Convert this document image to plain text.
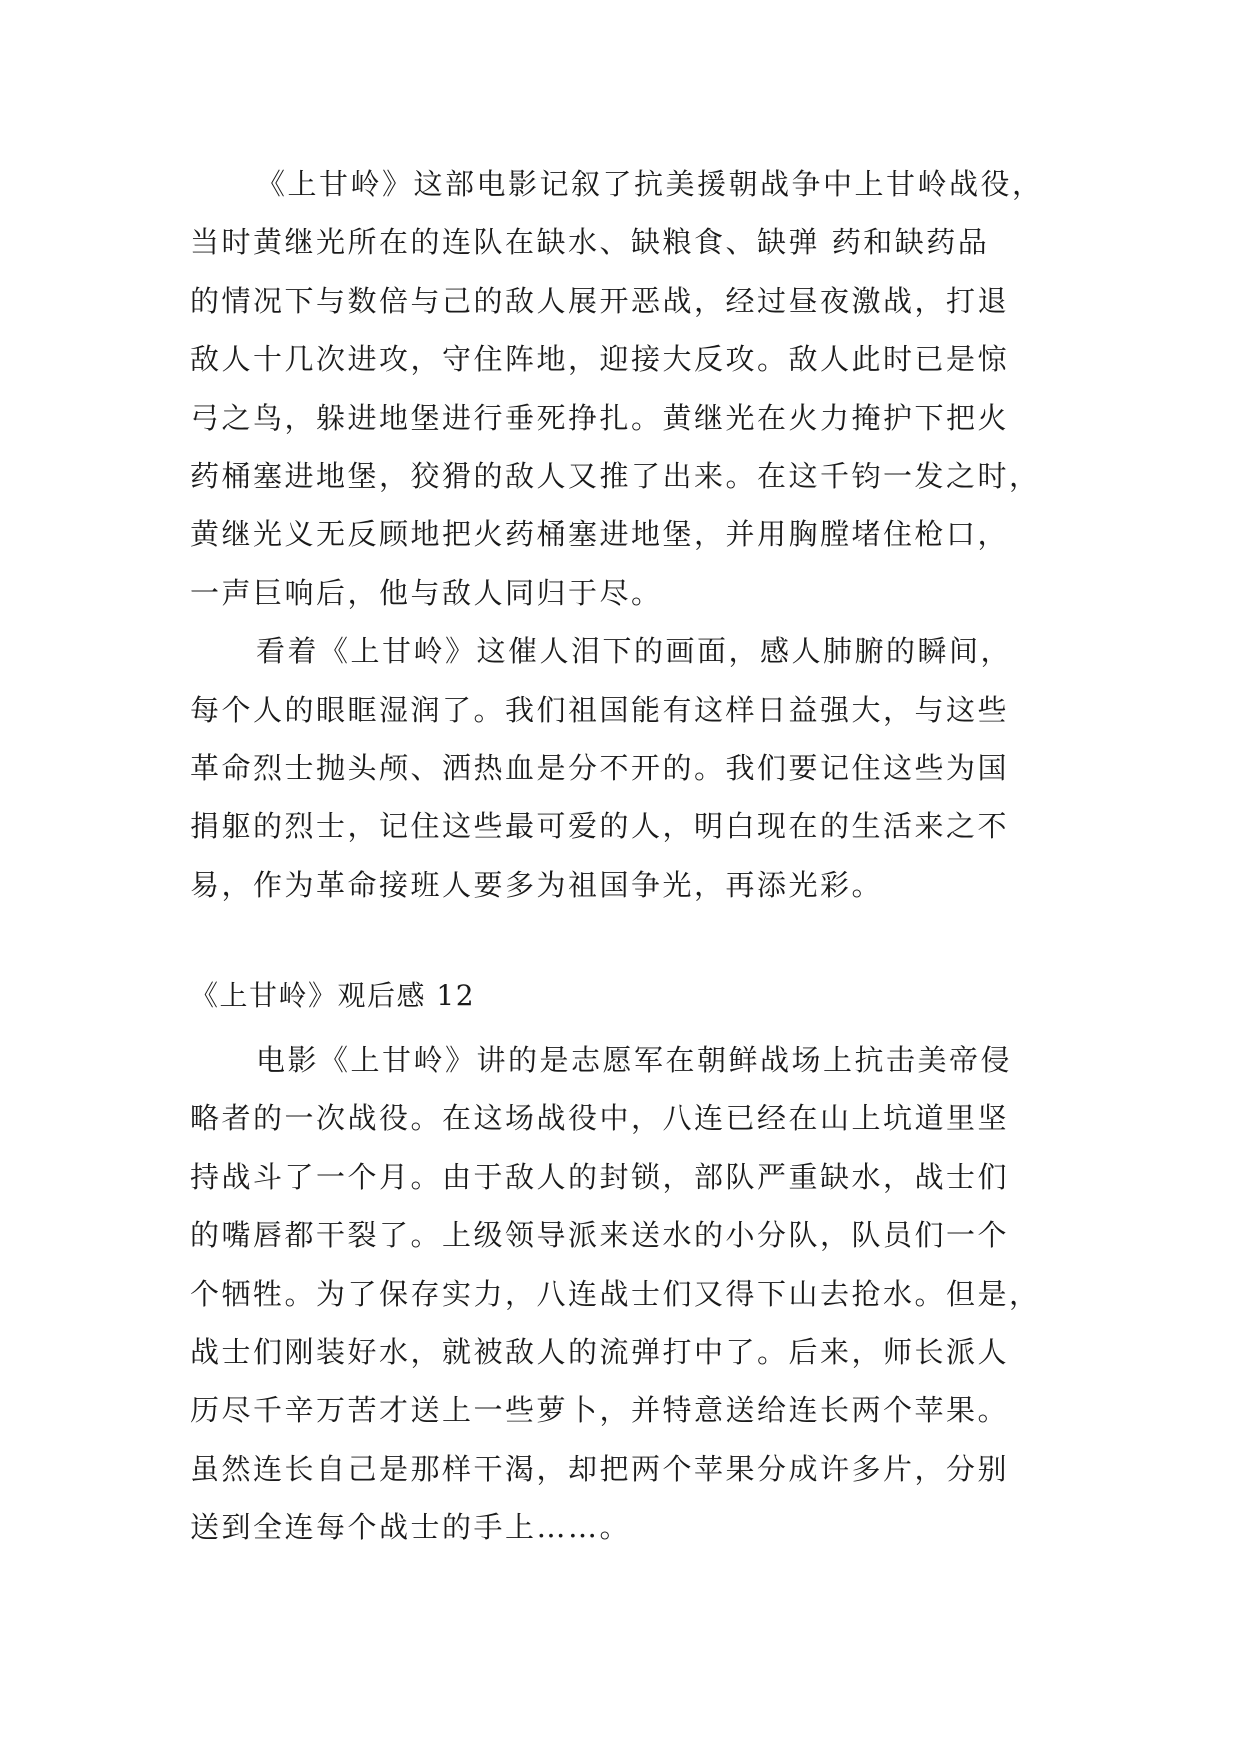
《上甘岭》这部电影记叙了抗美援朝战争中上甘岭战役，
当时黄继光所在的连队在缺水、缺粮食、缺弹 药和缺药品
的情况下与数倍与己的敌人展开恶战，经过昼夜激战，打退
敌人十几次进攻，守住阵地，迎接大反攻。敌人此时已是惊
弓之鸟，躲进地堡进行垂死挣扎。黄继光在火力掩护下把火
药桶塞进地堡，狡猾的敌人又推了出来。在这千钧一发之时，
黄继光义无反顾地把火药桶塞进地堡，并用胸膛堵住枪口，
一声巨响后，他与敌人同归于尽。
看着《上甘岭》这催人泪下的画面，感人肺腑的瞬间，
每个人的眼眶湿润了。我们祖国能有这样日益强大，与这些
革命烈士抛头颅、洒热血是分不开的。我们要记住这些为国
捐躯的烈士，记住这些最可爱的人，明白现在的生活来之不
易，作为革命接班人要多为祖国争光，再添光彩。
《上甘岭》观后感 12
电影《上甘岭》讲的是志愿军在朝鲜战场上抗击美帝侵
略者的一次战役。在这场战役中，八连已经在山上坑道里坚
持战斗了一个月。由于敌人的封锁，部队严重缺水，战士们
的嘴唇都干裂了。上级领导派来送水的小分队，队员们一个
个牺牲。为了保存实力，八连战士们又得下山去抢水。但是，
战士们刚装好水，就被敌人的流弹打中了。后来，师长派人
历尽千辛万苦才送上一些萝卜，并特意送给连长两个苹果。
虽然连长自己是那样干渴，却把两个苹果分成许多片，分别
送到全连每个战士的手上……。
